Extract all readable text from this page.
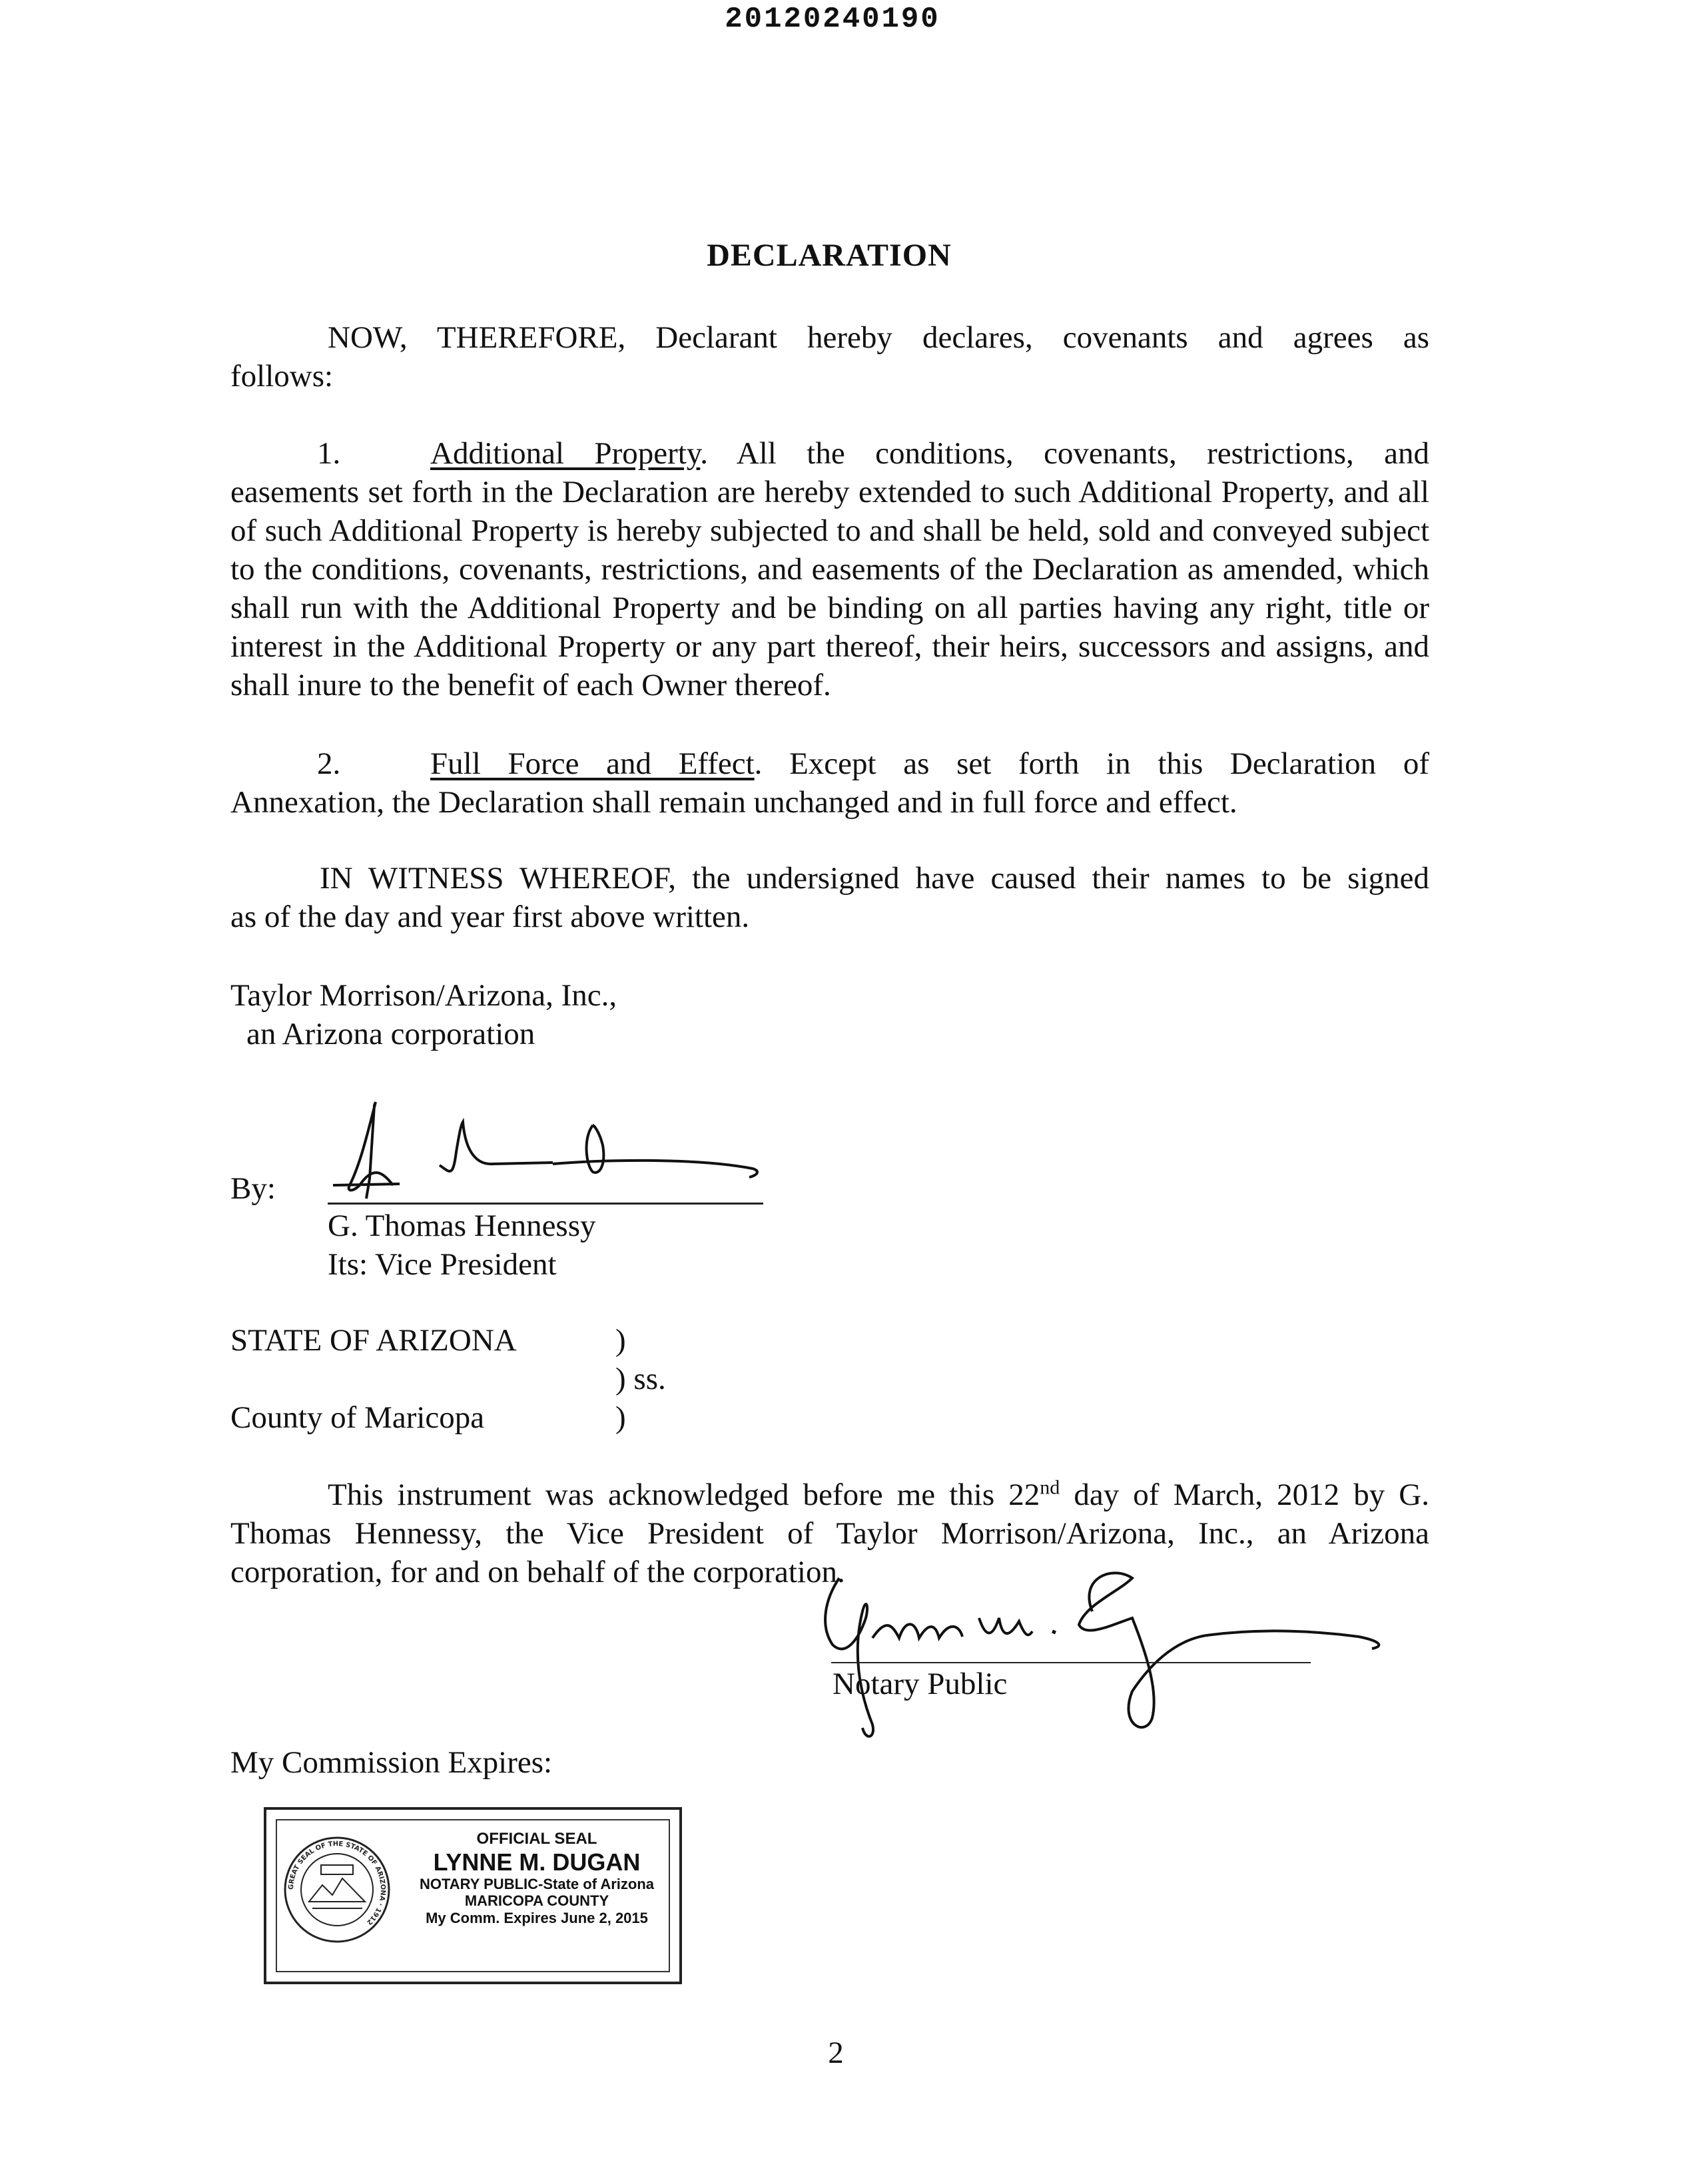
20120240190
DECLARATION
NOW, THEREFORE, Declarant hereby declares, covenants and agrees as
follows:
1.	Additional Property. All the conditions, covenants, restrictions, and
easements set forth in the Declaration are hereby extended to such Additional Property, and all of such Additional Property is hereby subjected to and shall be held, sold and conveyed subject to the conditions, covenants, restrictions, and easements of the Declaration as amended, which shall run with the Additional Property and be binding on all parties having any right, title or interest in the Additional Property or any part thereof, their heirs, successors and assigns, and shall inure to the benefit of each Owner thereof.
2.	Full Force and Effect. Except as set forth in this Declaration of
Annexation, the Declaration shall remain unchanged and in full force and effect.
IN WITNESS WHEREOF, the undersigned have caused their names to be signed
as of the day and year first above written.
Taylor Morrison/Arizona, Inc.,
an Arizona corporation
By:
G. Thomas Hennessy
Its: Vice President
STATE OF ARIZONA	)
) ss.
County of Maricopa	)
This instrument was acknowledged before me this 22nd day of March, 2012 by G.
Thomas Hennessy, the Vice President of Taylor Morrison/Arizona, Inc., an Arizona
corporation, for and on behalf of the corporation.
Notary Public
My Commission Expires:
GREAT SEAL OF THE STATE OF ARIZONA · 1912
OFFICIAL SEAL
LYNNE M. DUGAN
NOTARY PUBLIC-State of Arizona
MARICOPA COUNTY
My Comm. Expires June 2, 2015
2
